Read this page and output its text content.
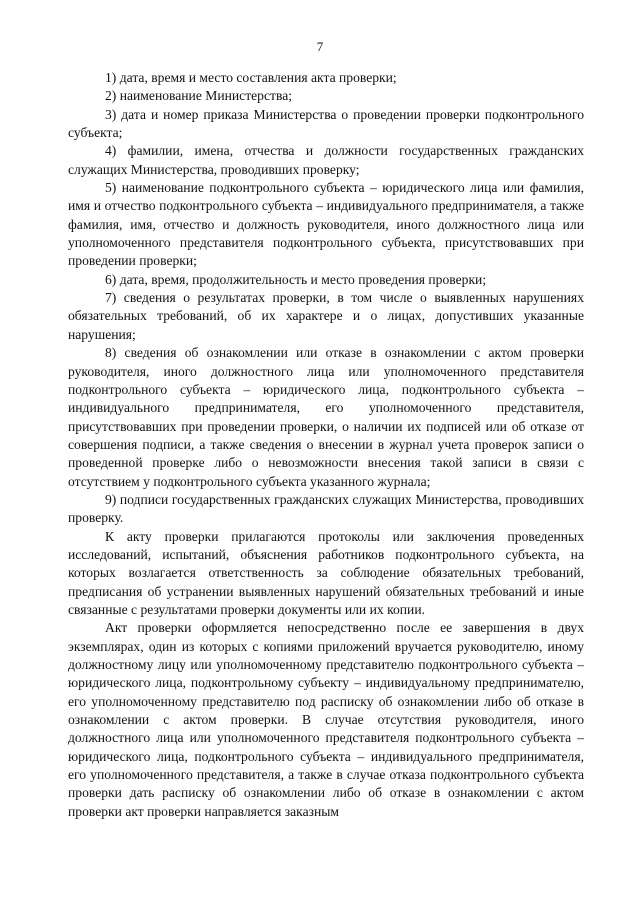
7

1) дата, время и место составления акта проверки;

2) наименование Министерства;

3) дата и номер приказа Министерства о проведении проверки подконтрольного субъекта;

4) фамилии, имена, отчества и должности государственных гражданских служащих Министерства, проводивших проверку;

5) наименование подконтрольного субъекта – юридического лица или фамилия, имя и отчество подконтрольного субъекта – индивидуального предпринимателя, а также фамилия, имя, отчество и должность руководителя, иного должностного лица или уполномоченного представителя подконтрольного субъекта, присутствовавших при проведении проверки;

6) дата, время, продолжительность и место проведения проверки;

7) сведения о результатах проверки, в том числе о выявленных нарушениях обязательных требований, об их характере и о лицах, допустивших указанные нарушения;

8) сведения об ознакомлении или отказе в ознакомлении с актом проверки руководителя, иного должностного лица или уполномоченного представителя подконтрольного субъекта – юридического лица, подконтрольного субъекта – индивидуального предпринимателя, его уполномоченного представителя, присутствовавших при проведении проверки, о наличии их подписей или об отказе от совершения подписи, а также сведения о внесении в журнал учета проверок записи о проведенной проверке либо о невозможности внесения такой записи в связи с отсутствием у подконтрольного субъекта указанного журнала;

9) подписи государственных гражданских служащих Министерства, проводивших проверку.

К акту проверки прилагаются протоколы или заключения проведенных исследований, испытаний, объяснения работников подконтрольного субъекта, на которых возлагается ответственность за соблюдение обязательных требований, предписания об устранении выявленных нарушений обязательных требований и иные связанные с результатами проверки документы или их копии.

Акт проверки оформляется непосредственно после ее завершения в двух экземплярах, один из которых с копиями приложений вручается руководителю, иному должностному лицу или уполномоченному представителю подконтрольного субъекта – юридического лица, подконтрольному субъекту – индивидуальному предпринимателю, его уполномоченному представителю под расписку об ознакомлении либо об отказе в ознакомлении с актом проверки. В случае отсутствия руководителя, иного должностного лица или уполномоченного представителя подконтрольного субъекта – юридического лица, подконтрольного субъекта – индивидуального предпринимателя, его уполномоченного представителя, а также в случае отказа подконтрольного субъекта проверки дать расписку об ознакомлении либо об отказе в ознакомлении с актом проверки акт проверки направляется заказным
